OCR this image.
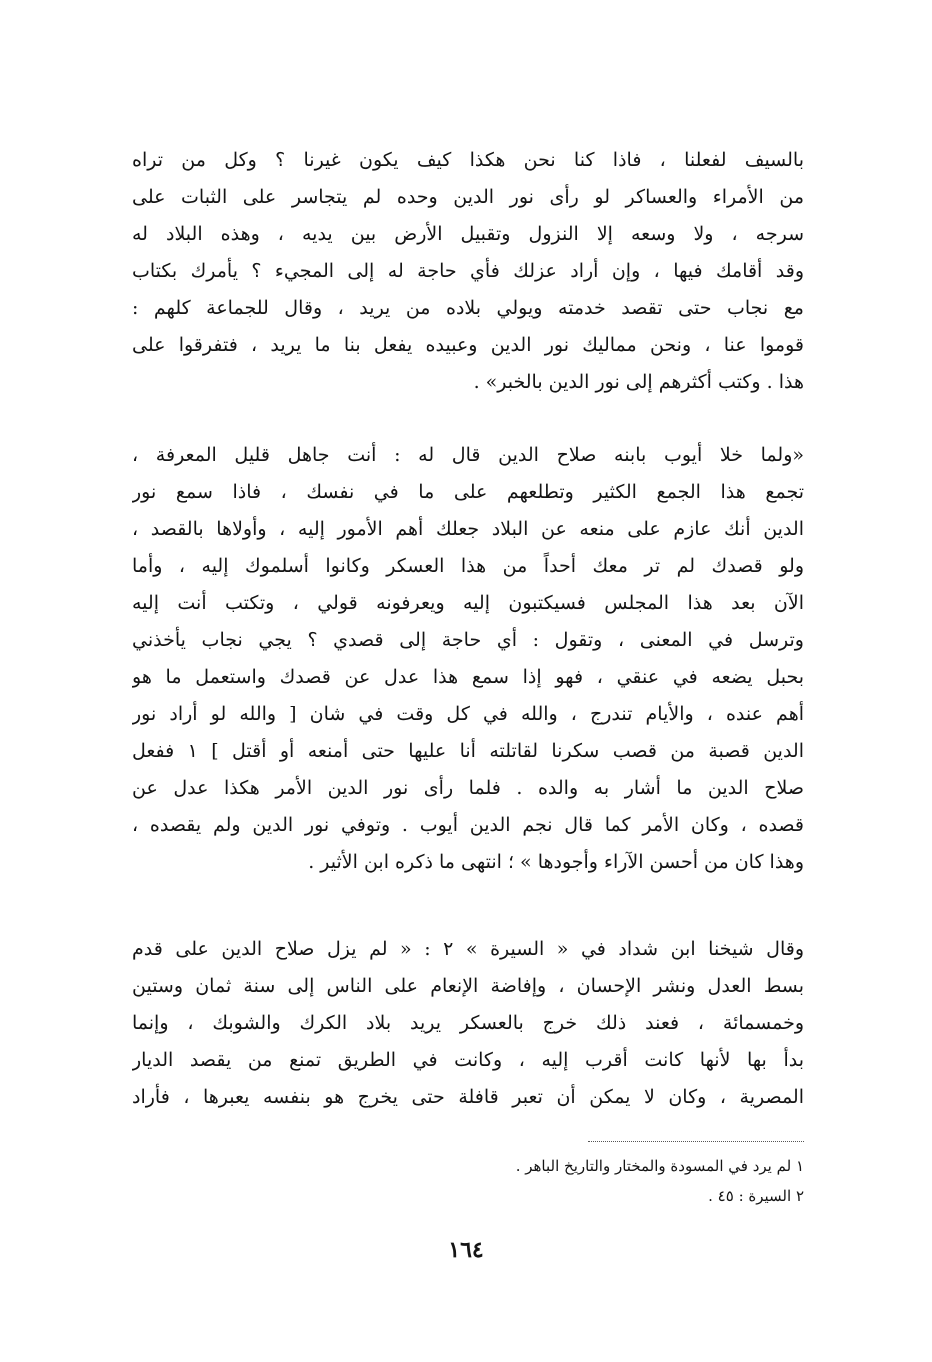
بالسيف لفعلنا ، فاذا كنا نحن هكذا كيف يكون غيرنا ؟ وكل من تراه
من الأمراء والعساكر لو رأى نور الدين وحده لم يتجاسر على الثبات على
سرجه ، ولا وسعه إلا النزول وتقبيل الأرض بين يديه ، وهذه البلاد له
وقد أقامك فيها ، وإن أراد عزلك فأي حاجة له إلى المجيء ؟ يأمرك بكتاب
مع نجاب حتى تقصد خدمته ويولي بلاده من يريد ، وقال للجماعة كلهم :
قوموا عنا ، ونحن مماليك نور الدين وعبيده يفعل بنا ما يريد ، فتفرقوا على
هذا . وكتب أكثرهم إلى نور الدين بالخبر» .
«ولما خلا أيوب بابنه صلاح الدين قال له : أنت جاهل قليل المعرفة ،
تجمع هذا الجمع الكثير وتطلعهم على ما في نفسك ، فاذا سمع نور
الدين أنك عازم على منعه عن البلاد جعلك أهم الأمور إليه ، وأولاها بالقصد ،
ولو قصدك لم تر معك أحداً من هذا العسكر وكانوا أسلموك إليه ، وأما
الآن بعد هذا المجلس فسيكتبون إليه ويعرفونه قولي ، وتكتب أنت إليه
وترسل في المعنى ، وتقول : أي حاجة إلى قصدي ؟ يجي نجاب يأخذني
بحبل يضعه في عنقي ، فهو إذا سمع هذا عدل عن قصدك واستعمل ما هو
أهم عنده ، والأيام تندرج ، والله في كل وقت في شان [ والله لو أراد نور
الدين قصبة من قصب سكرنا لقاتلته أنا عليها حتى أمنعه أو أقتل ] ١ ففعل
صلاح الدين ما أشار به والده . فلما رأى نور الدين الأمر هكذا عدل عن
قصده ، وكان الأمر كما قال نجم الدين أيوب . وتوفي نور الدين ولم يقصده ،
وهذا كان من أحسن الآراء وأجودها » ؛ انتهى ما ذكره ابن الأثير .
وقال شيخنا ابن شداد في « السيرة » ٢ : « لم يزل صلاح الدين على قدم
بسط العدل ونشر الإحسان ، وإفاضة الإنعام على الناس إلى سنة ثمان وستين
وخمسمائة ، فعند ذلك خرج بالعسكر يريد بلاد الكرك والشوبك ، وإنما
بدأ بها لأنها كانت أقرب إليه ، وكانت في الطريق تمنع من يقصد الديار
المصرية ، وكان لا يمكن أن تعبر قافلة حتى يخرج هو بنفسه يعبرها ، فأراد
١ لم يرد في المسودة والمختار والتاريخ الباهر .
٢ السيرة : ٤٥ .
١٦٤
